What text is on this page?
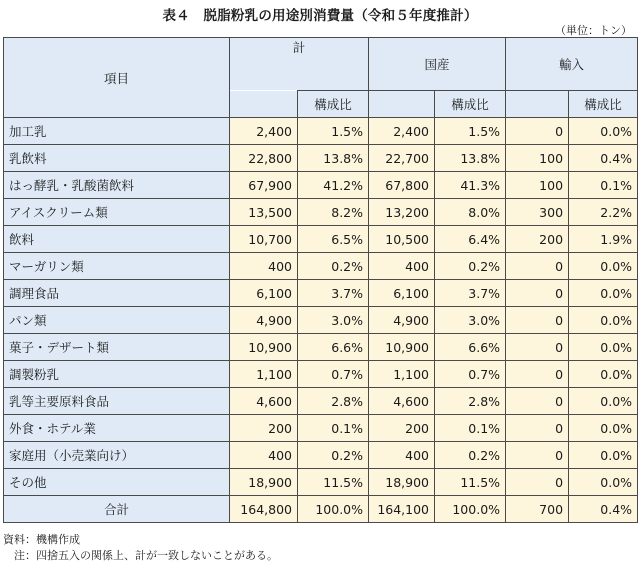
表４　脱脂粉乳の用途別消費量（令和５年度推計）
（単位：トン）
項目	計		国産		輸入	
		構成比		構成比		構成比
加工乳	2,400	1.5%	2,400	1.5%	0	0.0%
乳飲料	22,800	13.8%	22,700	13.8%	100	0.4%
はっ酵乳・乳酸菌飲料	67,900	41.2%	67,800	41.3%	100	0.1%
アイスクリーム類	13,500	8.2%	13,200	8.0%	300	2.2%
飲料	10,700	6.5%	10,500	6.4%	200	1.9%
マーガリン類	400	0.2%	400	0.2%	0	0.0%
調理食品	6,100	3.7%	6,100	3.7%	0	0.0%
パン類	4,900	3.0%	4,900	3.0%	0	0.0%
菓子・デザート類	10,900	6.6%	10,900	6.6%	0	0.0%
調製粉乳	1,100	0.7%	1,100	0.7%	0	0.0%
乳等主要原料食品	4,600	2.8%	4,600	2.8%	0	0.0%
外食・ホテル業	200	0.1%	200	0.1%	0	0.0%
家庭用（小売業向け）	400	0.2%	400	0.2%	0	0.0%
その他	18,900	11.5%	18,900	11.5%	0	0.0%
合計	164,800	100.0%	164,100	100.0%	700	0.4%
資料：機構作成
　注：四捨五入の関係上、計が一致しないことがある。
